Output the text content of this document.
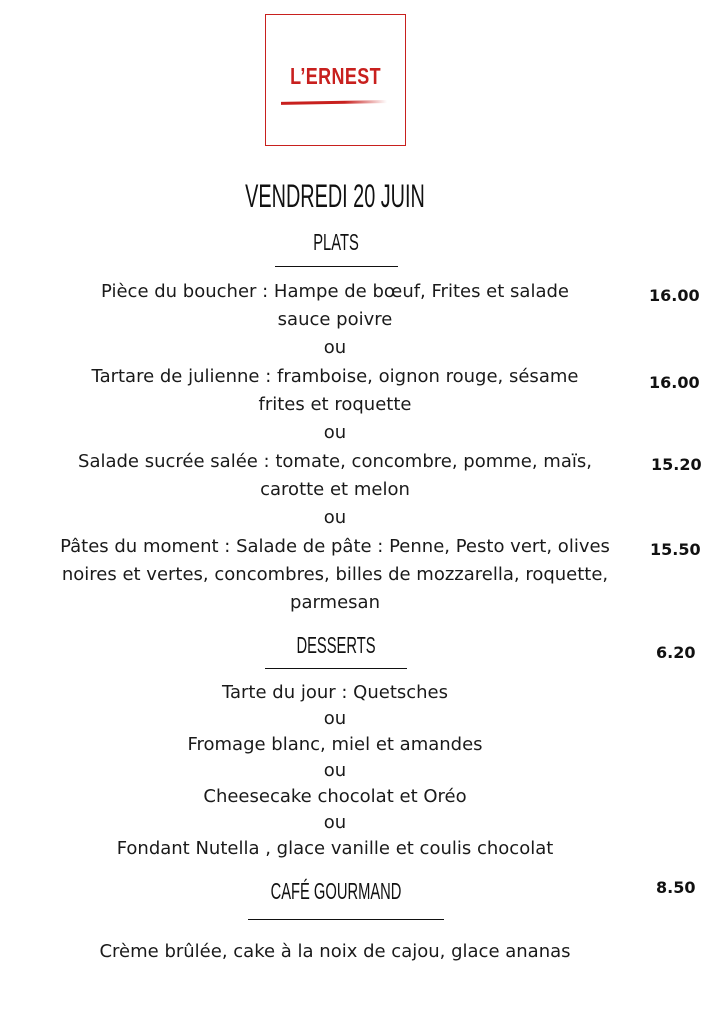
L’ERNEST
VENDREDI 20 JUIN
PLATS
Pièce du boucher : Hampe de bœuf, Frites et salade
sauce poivre
ou
Tartare de julienne : framboise, oignon rouge, sésame
frites et roquette
ou
Salade sucrée salée : tomate, concombre, pomme, maïs,
carotte et melon
ou
Pâtes du moment : Salade de pâte : Penne, Pesto vert, olives
noires et vertes, concombres, billes de mozzarella, roquette,
parmesan
16.00
16.00
15.20
15.50
DESSERTS	6.20
Tarte du jour : Quetsches
ou
Fromage blanc, miel et amandes
ou
Cheesecake chocolat et Oréo
ou
Fondant Nutella , glace vanille et coulis chocolat
CAFÉ GOURMAND	8.50
Crème brûlée, cake à la noix de cajou, glace ananas
